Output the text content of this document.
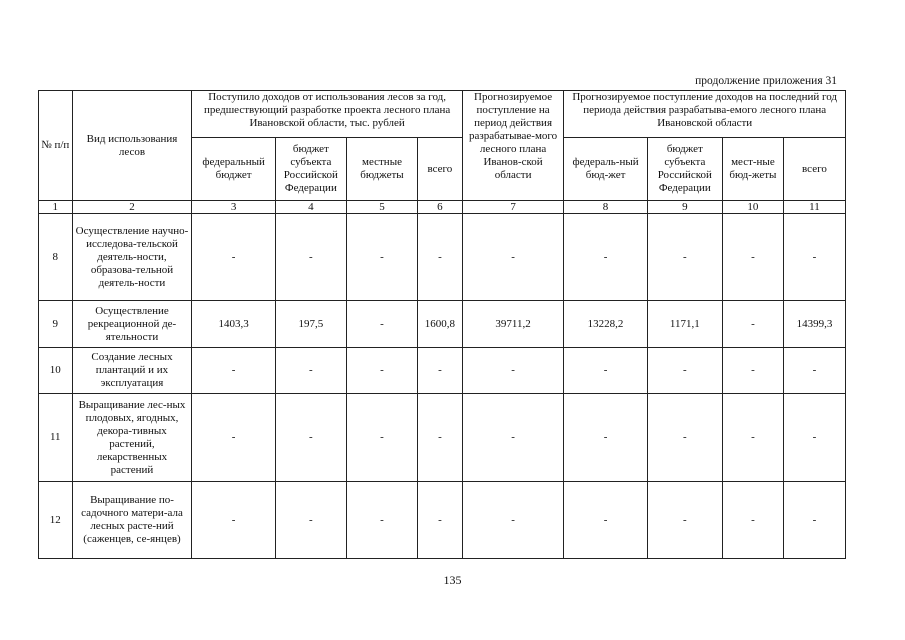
продолжение приложения 31
№ п/п	Вид использования лесов	Поступило доходов от использования лесов за год, предшествующий разработке проекта лесного плана Ивановской области, тыс. рублей				Прогнозируемое поступление на период действия разрабатывае-мого лесного плана Иванов-ской области	Прогнозируемое поступление доходов на последний год периода действия разрабатыва-емого лесного плана Ивановской области			
		федеральный бюджет	бюджет субъекта Российской Федерации	местные бюджеты	всего		федераль-ный бюд-жет	бюджет субъекта Российской Федерации	мест-ные бюд-жеты	всего
1	2	3	4	5	6	7	8	9	10	11
8	Осуществление научно-исследова-тельской деятель-ности, образова-тельной деятель-ности	-	-	-	-	-	-	-	-	-
9	Осуществление рекреационной де-ятельности	1403,3	197,5	-	1600,8	39711,2	13228,2	1171,1	-	14399,3
10	Создание лесных плантаций и их эксплуатация	-	-	-	-	-	-	-	-	-
11	Выращивание лес-ных плодовых, ягодных, декора-тивных растений, лекарственных растений	-	-	-	-	-	-	-	-	-
12	Выращивание по-садочного матери-ала лесных расте-ний (саженцев, се-янцев)	-	-	-	-	-	-	-	-	-
135
